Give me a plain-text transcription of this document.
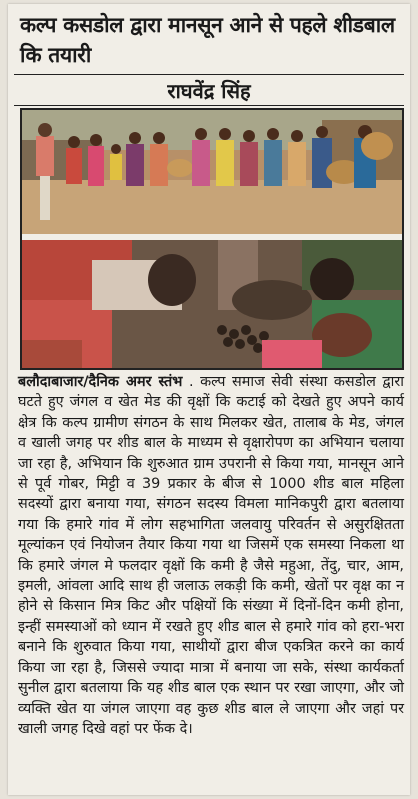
कल्प कसडोल द्वारा मानसून आने से पहले शीडबाल कि तयारी
राघवेंद्र सिंह
बलौदाबाजार/दैनिक अमर स्तंभ . कल्प समाज सेवी संस्था कसडोल द्वारा घटते हुए जंगल व खेत मेड की वृक्षों कि कटाई को देखते हुए अपने कार्य क्षेत्र कि कल्प ग्रामीण संगठन के साथ मिलकर खेत, तालाब के मेड, जंगल व खाली जगह पर शीड बाल के माध्यम से वृक्षारोपण का अभियान चलाया जा रहा है, अभियान कि शुरुआत ग्राम उपरानी से किया गया, मानसून आने से पूर्व गोबर, मिट्टी व 39 प्रकार के बीज से 1000 शीड बाल महिला सदस्यों द्वारा बनाया गया, संगठन सदस्य विमला मानिकपुरी द्वारा बतलाया गया कि हमारे गांव में लोग सहभागिता जलवायु परिवर्तन से असुरक्षितता मूल्यांकन एवं नियोजन तैयार किया गया था जिसमें एक समस्या निकला था कि हमारे जंगल मे फलदार वृक्षों कि कमी है जैसे महुआ, तेंदु, चार, आम, इमली, आंवला आदि साथ ही जलाऊ लकड़ी कि कमी, खेतों पर वृक्ष का न होने से किसान मित्र किट और पक्षियों कि संख्या में दिनों-दिन कमी होना, इन्हीं समस्याओं को ध्यान में रखते हुए शीड बाल से हमारे गांव को हरा-भरा बनाने कि शुरुवात किया गया, साथीयों द्वारा बीज एकत्रित करने का कार्य किया जा रहा है, जिससे ज्यादा मात्रा में बनाया जा सके, संस्था कार्यकर्ता सुनील द्वारा बतलाया कि यह शीड बाल एक स्थान पर रखा जाएगा, और जो व्यक्ति खेत या जंगल जाएगा वह कुछ शीड बाल ले जाएगा और जहां पर खाली जगह दिखे वहां पर फेंक दे।
